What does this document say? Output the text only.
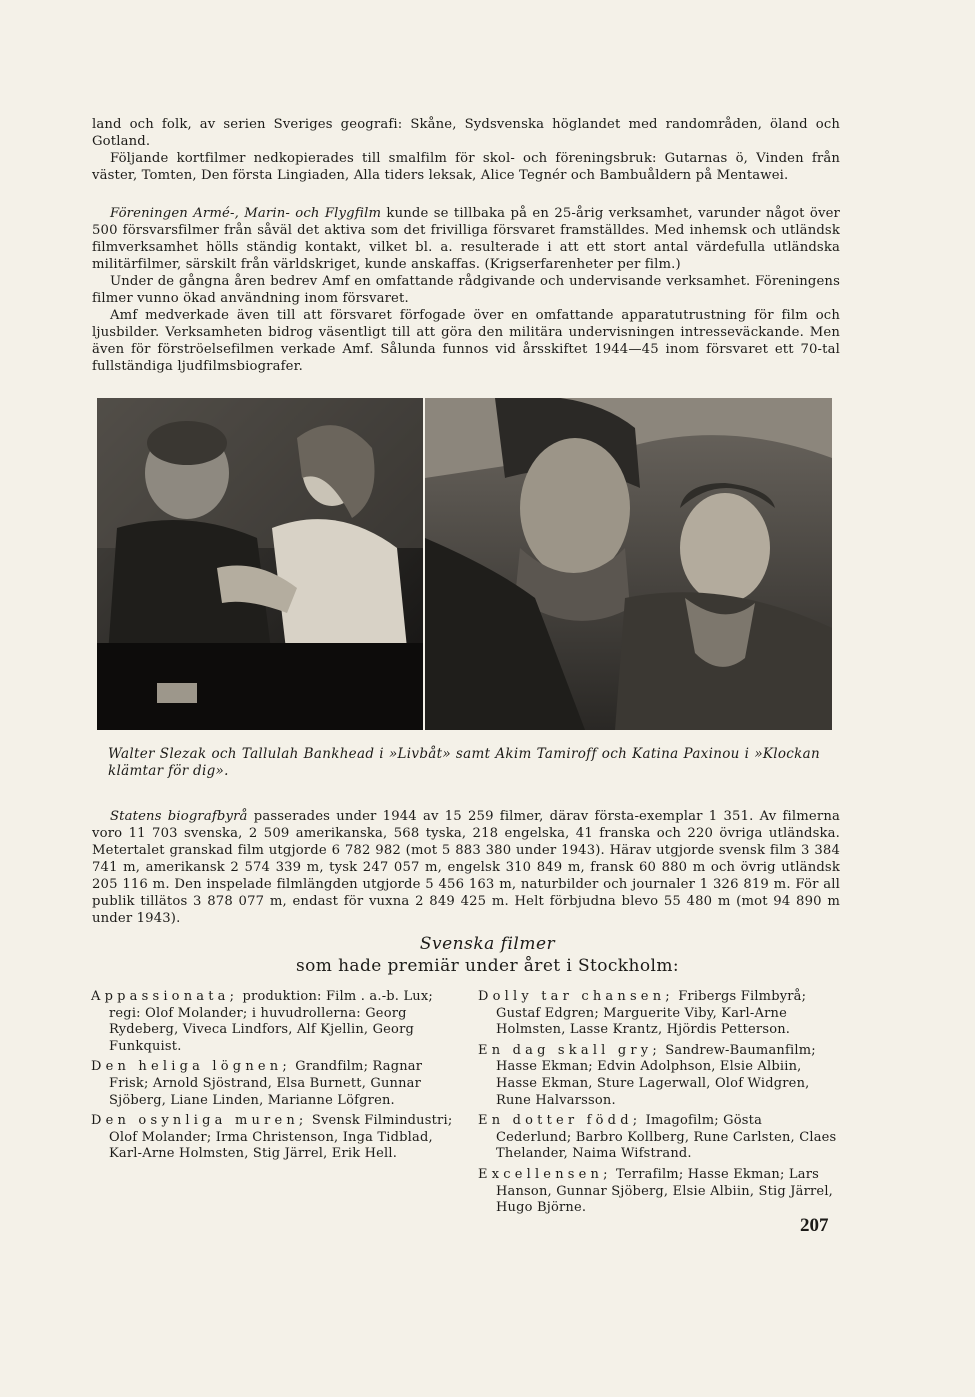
land och folk, av serien Sveriges geografi: Skåne, Sydsvenska höglandet med randområden, öland och Gotland.

Följande kortfilmer nedkopierades till smalfilm för skol- och föreningsbruk: Gutarnas ö, Vinden från väster, Tomten, Den första Lingiaden, Alla tiders leksak, Alice Tegnér och Bambuåldern på Mentawei.

Föreningen Armé-, Marin- och Flygfilm kunde se tillbaka på en 25-årig verksamhet, varunder något över 500 försvarsfilmer från såväl det aktiva som det frivilliga försvaret framställdes. Med inhemsk och utländsk filmverksamhet hölls ständig kontakt, vilket bl. a. resulterade i att ett stort antal värdefulla utländska militärfilmer, särskilt från världskriget, kunde anskaffas. (Krigserfarenheter per film.)

Under de gångna åren bedrev Amf en omfattande rådgivande och undervisande verksamhet. Föreningens filmer vunno ökad användning inom försvaret.

Amf medverkade även till att försvaret förfogade över en omfattande apparatutrustning för film och ljusbilder. Verksamheten bidrog väsentligt till att göra den militära undervisningen intresseväckande. Men även för förströelsefilmen verkade Amf. Sålunda funnos vid årsskiftet 1944—45 inom försvaret ett 70-tal fullständiga ljudfilmsbiografer.

Walter Slezak och Tallulah Bankhead i »Livbåt» samt Akim Tamiroff och Katina Paxinou i »Klockan klämtar för dig».

Statens biografbyrå passerades under 1944 av 15 259 filmer, därav första-exemplar 1 351. Av filmerna voro 11 703 svenska, 2 509 amerikanska, 568 tyska, 218 engelska, 41 franska och 220 övriga utländska. Metertalet granskad film utgjorde 6 782 982 (mot 5 883 380 under 1943). Härav utgjorde svensk film 3 384 741 m, amerikansk 2 574 339 m, tysk 247 057 m, engelsk 310 849 m, fransk 60 880 m och övrig utländsk 205 116 m. Den inspelade filmlängden utgjorde 5 456 163 m, naturbilder och journaler 1 326 819 m. För all publik tillätos 3 878 077 m, endast för vuxna 2 849 425 m. Helt förbjudna blevo 55 480 m (mot 94 890 m under 1943).

Svenska filmer
som hade premiär under året i Stockholm:

Appassionata; produktion: Film . a.-b. Lux; regi: Olof Molander; i huvudrollerna: Georg Rydeberg, Viveca Lindfors, Alf Kjellin, Georg Funkquist.

Den heliga lögnen; Grandfilm; Ragnar Frisk; Arnold Sjöstrand, Elsa Burnett, Gunnar Sjöberg, Liane Linden, Marianne Löfgren.

Den osynliga muren; Svensk Filmindustri; Olof Molander; Irma Christenson, Inga Tidblad, Karl-Arne Holmsten, Stig Järrel, Erik Hell.

Dolly tar chansen; Fribergs Filmbyrå; Gustaf Edgren; Marguerite Viby, Karl-Arne Holmsten, Lasse Krantz, Hjördis Petterson.

En dag skall gry; Sandrew-Baumanfilm; Hasse Ekman; Edvin Adolphson, Elsie Albiin, Hasse Ekman, Sture Lagerwall, Olof Widgren, Rune Halvarsson.

En dotter född; Imagofilm; Gösta Cederlund; Barbro Kollberg, Rune Carlsten, Claes Thelander, Naima Wifstrand.

Excellensen; Terrafilm; Hasse Ekman; Lars Hanson, Gunnar Sjöberg, Elsie Albiin, Stig Järrel, Hugo Björne.

207
